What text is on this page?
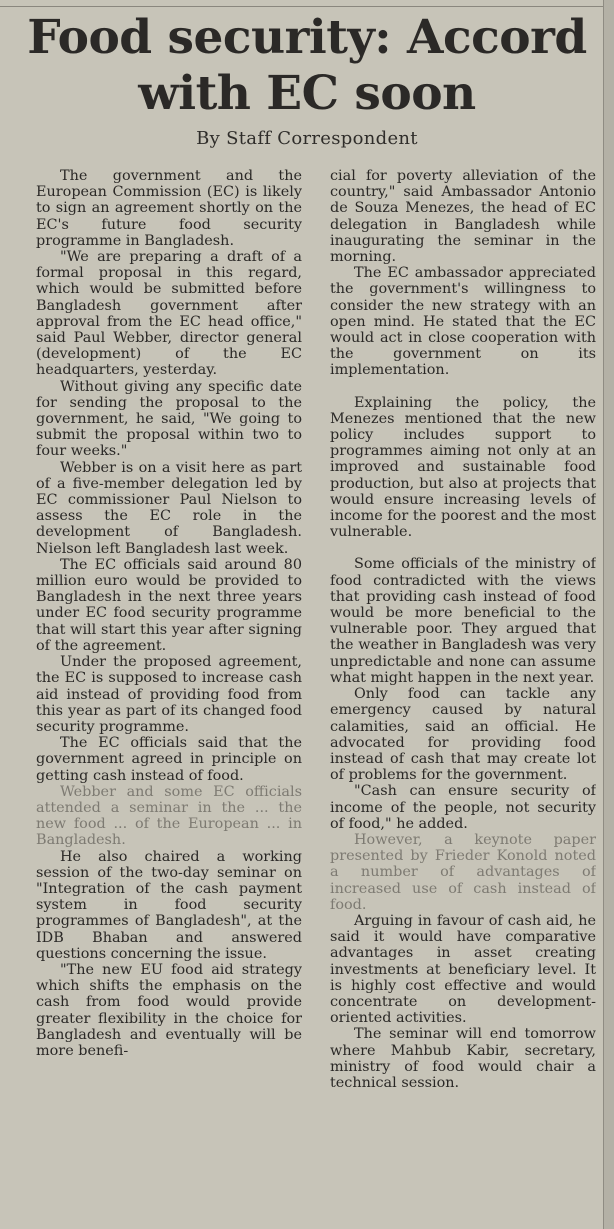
Food security: Accord
with EC soon
By Staff Correspondent

The government and the European Commission (EC) is likely to sign an agreement shortly on the EC's future food security programme in Bangladesh.

"We are preparing a draft of a formal proposal in this regard, which would be submitted before Bangladesh government after approval from the EC head office," said Paul Webber, director general (development) of the EC headquarters, yesterday.

Without giving any specific date for sending the proposal to the government, he said, "We going to submit the proposal within two to four weeks."

Webber is on a visit here as part of a five-member delegation led by EC commissioner Paul Nielson to assess the EC role in the development of Bangladesh. Nielson left Bangladesh last week.

The EC officials said around 80 million euro would be provided to Bangladesh in the next three years under EC food security programme that will start this year after signing of the agreement.

Under the proposed agreement, the EC is supposed to increase cash aid instead of providing food from this year as part of its changed food security programme.

The EC officials said that the government agreed in principle on getting cash instead of food.

Webber and some EC officials attended a seminar in the ... the new food ... of the European ... in Bangladesh.

He also chaired a working session of the two-day seminar on "Integration of the cash payment system in food security programmes of Bangladesh", at the IDB Bhaban and answered questions concerning the issue.

"The new EU food aid strategy which shifts the emphasis on the cash from food would provide greater flexibility in the choice for Bangladesh and eventually will be more benefi-

cial for poverty alleviation of the country," said Ambassador Antonio de Souza Menezes, the head of EC delegation in Bangladesh while inaugurating the seminar in the morning.

The EC ambassador appreciated the government's willingness to consider the new strategy with an open mind. He stated that the EC would act in close cooperation with the government on its implementation.

Explaining the policy, the Menezes mentioned that the new policy includes support to programmes aiming not only at an improved and sustainable food production, but also at projects that would ensure increasing levels of income for the poorest and the most vulnerable.

Some officials of the ministry of food contradicted with the views that providing cash instead of food would be more beneficial to the vulnerable poor. They argued that the weather in Bangladesh was very unpredictable and none can assume what might happen in the next year.

Only food can tackle any emergency caused by natural calamities, said an official. He advocated for providing food instead of cash that may create lot of problems for the government.

"Cash can ensure security of income of the people, not security of food," he added.

However, a keynote paper presented by Frieder Konold noted a number of advantages of increased use of cash instead of food.

Arguing in favour of cash aid, he said it would have comparative advantages in asset creating investments at beneficiary level. It is highly cost effective and would concentrate on development-oriented activities.

The seminar will end tomorrow where Mahbub Kabir, secretary, ministry of food would chair a technical session.
